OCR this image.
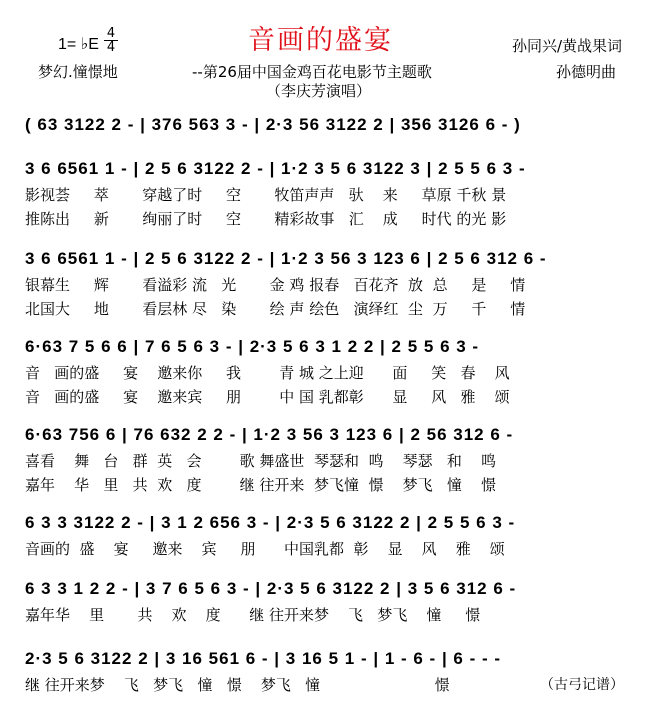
音画的盛宴
1= ♭E
4
4	孙同兴/黄战果词
梦幻.憧憬地	--第26届中国金鸡百花电影节主题歌	孙德明曲
（李庆芳演唱）
( 63 3122 2 - | 376 563 3 - | 2·3 56 3122 2 | 356 3126 6 - )
3 6 6561 1 - | 2 5 6 3122 2 - | 1·2 3 5 6 3122 3 | 2 5 5 6 3 -
影视荟     萃       穿越了时     空       牧笛声声   驮    来     草原 千秋 景
推陈出     新       绚丽了时     空       精彩故事   汇    成     时代 的光 影
3 6 6561 1 - | 2 5 6 3122 2 - | 1·2 3 56 3 123 6 | 2 5 6 312 6 -
银幕生     辉       看溢彩 流   光       金 鸡 报春   百花齐  放  总     是     情
北国大     地       看层林 尽   染       绘 声 绘色   演绎红  尘  万     千     情
6·63 7 5 6 6 | 7 6 5 6 3 - | 2·3 5 6 3 1 2 2 | 2 5 5 6 3 -
音   画的盛     宴    邀来你     我        青 城 之上迎      面     笑   春    风
音   画的盛     宴    邀来宾     朋        中 国 乳都彰      显     风   雅    颂
6·63 756 6 | 76 632 2 2 - | 1·2 3 56 3 123 6 | 2 56 312 6 -
喜看    舞   台   群  英   会        歌 舞盛世  琴瑟和  鸣    琴瑟   和    鸣
嘉年    华   里   共  欢   度        继 往开来  梦飞憧  憬    梦飞   憧    憬
6 3 3 3122 2 - | 3 1 2 656 3 - | 2·3 5 6 3122 2 | 2 5 5 6 3 -
音画的  盛    宴     邀来    宾     朋      中国乳都  彰    显    风    雅    颂
6 3 3 1 2 2 - | 3 7 6 5 6 3 - | 2·3 5 6 3122 2 | 3 5 6 312 6 -
嘉年华    里       共    欢    度      继 往开来梦    飞   梦飞    憧     憬
2·3 5 6 3122 2 | 3 16 561 6 - | 3 16 5 1 - | 1 - 6 - | 6 - - -
继 往开来梦    飞   梦飞   憧   憬    梦飞   憧                        憬	（古弓记谱）
